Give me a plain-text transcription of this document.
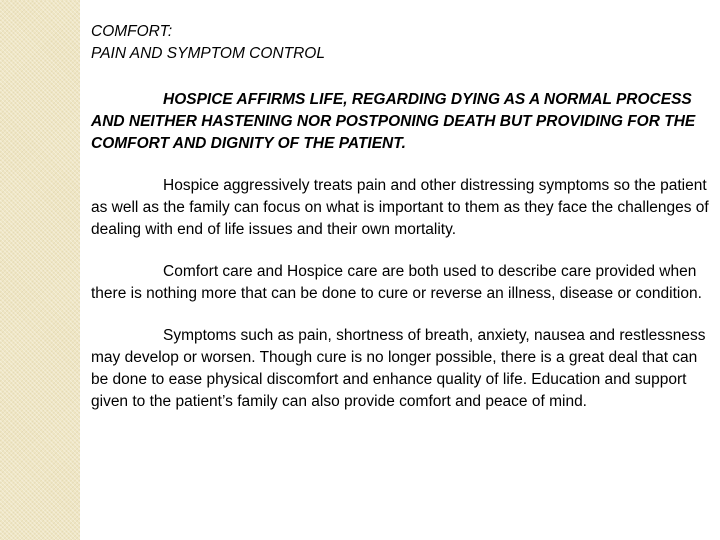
COMFORT:

PAIN AND SYMPTOM CONTROL

HOSPICE AFFIRMS LIFE, REGARDING DYING AS A NORMAL PROCESS AND NEITHER HASTENING NOR POSTPONING DEATH BUT PROVIDING FOR THE COMFORT AND DIGNITY OF THE PATIENT.

Hospice aggressively treats pain and other distressing symptoms so the patient as well as the family can focus on what is important to them as they face the challenges of dealing with end of life issues and their own mortality.

Comfort care and Hospice care are both used to describe care provided when there is nothing more that can be done to cure or reverse an illness, disease or condition.

Symptoms such as pain, shortness of breath, anxiety, nausea and restlessness may develop or worsen. Though cure is no longer possible, there is a great deal that can be done to ease physical discomfort and enhance quality of life. Education and support given to the patient’s family can also provide comfort and peace of mind.
